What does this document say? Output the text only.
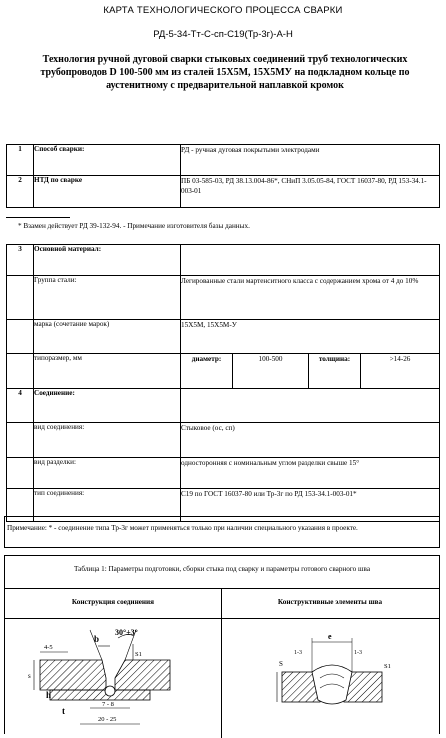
КАРТА ТЕХНОЛОГИЧЕСКОГО ПРОЦЕССА СВАРКИ
РД-5-34-Тт-С-сп-С19(Тр-3г)-А-Н
Технология ручной дуговой сварки стыковых соединений труб технологических трубопроводов D 100-500 мм из сталей 15Х5М, 15Х5МУ на подкладном кольце по аустенитному с предварительной наплавкой кромок
1	Способ сварки:	РД - ручная дуговая покрытыми электродами
2	НТД по сварке	ПБ 03-585-03, РД 38.13.004-86*, СНиП 3.05.05-84, ГОСТ 16037-80, РД 153-34.1-003-01
* Взамен действует РД 39-132-94. - Примечание изготовителя базы данных.
3	Основной материал:				
	Группа стали:	Легированные стали мартенситного класса с содержанием хрома от 4 до 10%			
	марка (сочетание марок)	15Х5М, 15Х5М-У			
	типоразмер, мм	диаметр:	100-500	толщина:	>14-26
4	Соединение:				
	вид соединения:	Стыковое (ос, сп)			
	вид разделки:	односторонняя с номинальным углом разделки свыше 15°			
	тип соединения:	С19 по ГОСТ 16037-80 или Тр-3г по РД 153-34.1-003-01*			
Примечание: * - соединение типа Тр-3г может применяться только при наличии специального указания в проекте.
Таблица 1: Параметры подготовки, сборки стыка под сварку и параметры готового сварного шва
Конструкция соединения	Конструктивные элементы шва
30°±3°
b
4-5
s
S1
h
t
7 - 8
20 - 25
e
1-3	1-3
S	S1
